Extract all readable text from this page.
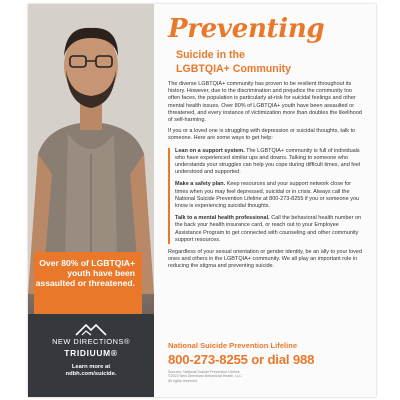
Over 80% of LGBTQIA+ youth have been assaulted or threatened.
NEW DIRECTIONS®
TRIDIUUM®
Learn more at
ndbh.com/suicide.
Preventing
Suicide in the
LGBTQIA+ Community

The diverse LGBTQIA+ community has proven to be resilient throughout its history. However, due to the discrimination and prejudice the community too often faces, the population is particularly at-risk for suicidal feelings and other mental health issues. Over 80% of LGBTQIA+ youth have been assaulted or threatened, and every instance of victimization more than doubles the likelihood of self-harming.

If you or a loved one is struggling with depression or suicidal thoughts, talk to someone. Here are some ways to get help:

Lean on a support system. The LGBTQIA+ community is full of individuals who have experienced similar ups and downs. Talking to someone who understands your struggles can help you cope during difficult times, and feel understood and supported.

Make a safety plan. Keep resources and your support network close for times when you may feel depressed, suicidal or in crisis. Always call the National Suicide Prevention Lifeline at 800-273-8255 if you or someone you know is experiencing suicidal thoughts.

Talk to a mental health professional. Call the behavioral health number on the back your health insurance card, or reach out to your Employee Assistance Program to get connected with counseling and other community support resources.

Regardless of your sexual orientation or gender identity, be an ally to your loved ones and others in the LGBTQIA+ community. We all play an important role in reducing the stigma and preventing suicide.

National Suicide Prevention Lifeline
800-273-8255 or dial 988
Sources: National Suicide Prevention Lifeline
©2022 New Directions Behavioral Health, LLC
All rights reserved.
